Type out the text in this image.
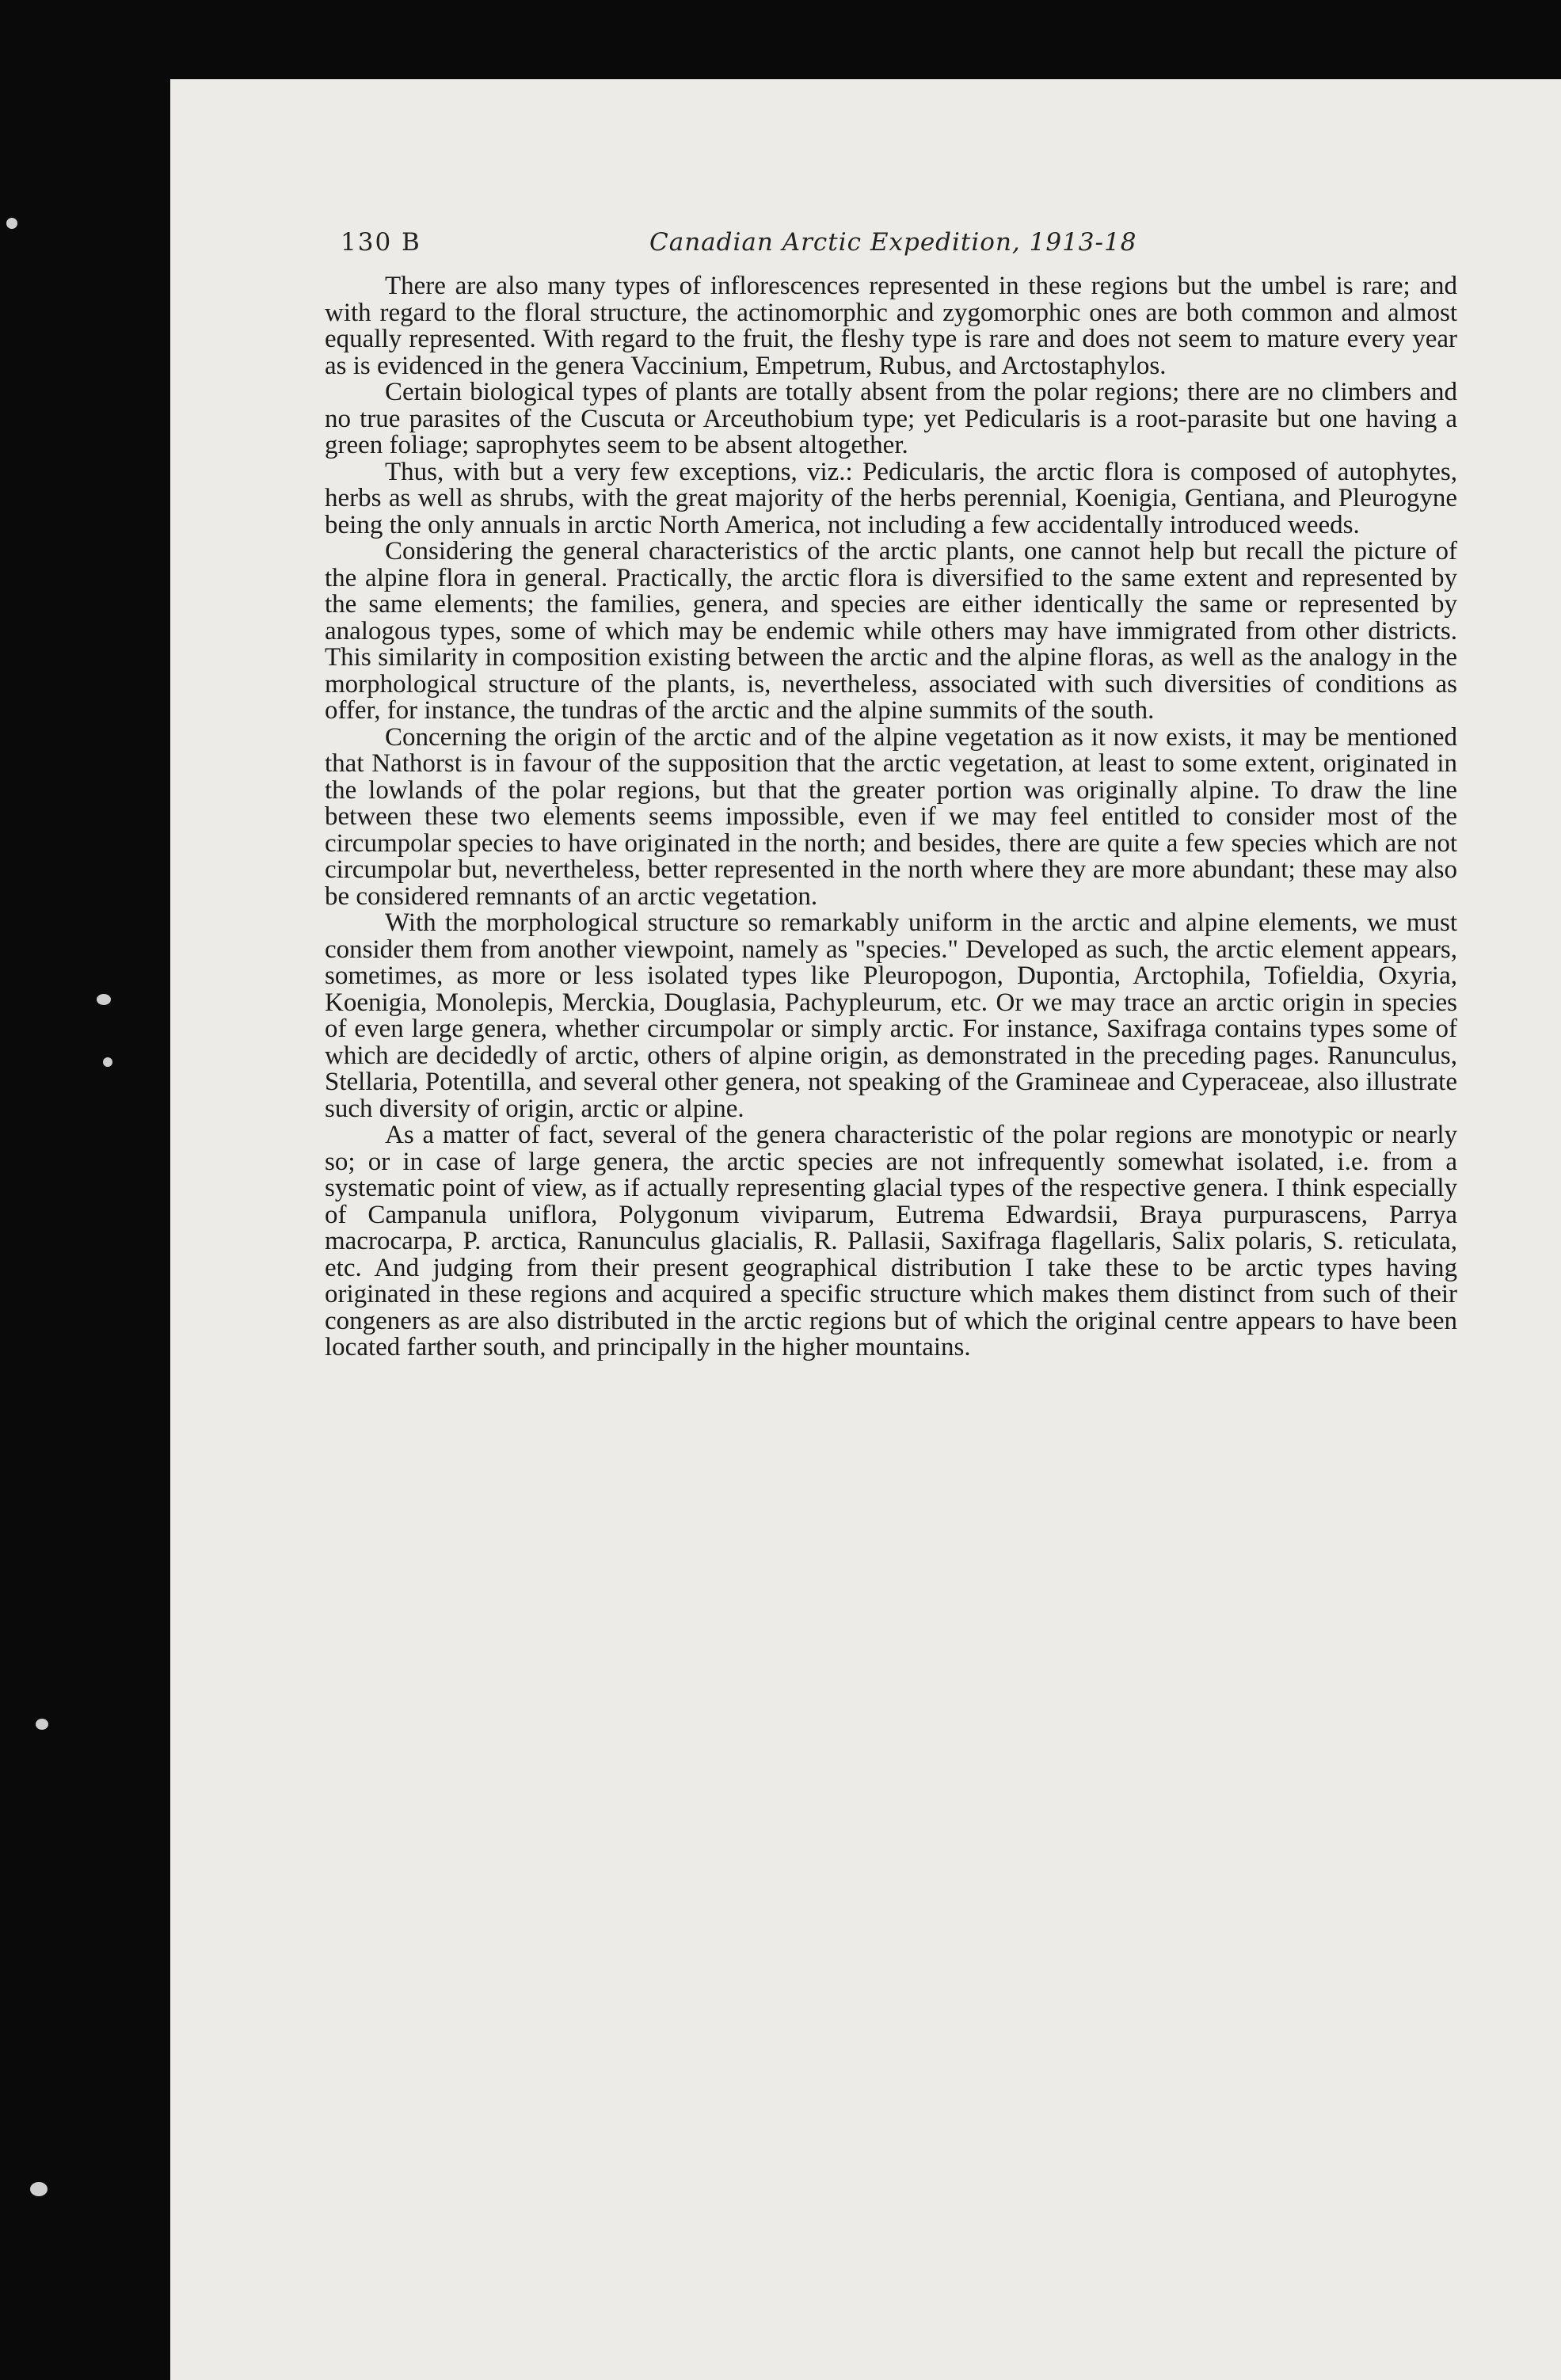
130 B	Canadian Arctic Expedition, 1913-18

There are also many types of inflorescences represented in these regions but the umbel is rare; and with regard to the floral structure, the actinomorphic and zygomorphic ones are both common and almost equally represented. With regard to the fruit, the fleshy type is rare and does not seem to mature every year as is evidenced in the genera Vaccinium, Empetrum, Rubus, and Arctostaphylos.

Certain biological types of plants are totally absent from the polar regions; there are no climbers and no true parasites of the Cuscuta or Arceuthobium type; yet Pedicularis is a root-parasite but one having a green foliage; saprophytes seem to be absent altogether.

Thus, with but a very few exceptions, viz.: Pedicularis, the arctic flora is composed of autophytes, herbs as well as shrubs, with the great majority of the herbs perennial, Koenigia, Gentiana, and Pleurogyne being the only annuals in arctic North America, not including a few accidentally introduced weeds.

Considering the general characteristics of the arctic plants, one cannot help but recall the picture of the alpine flora in general. Practically, the arctic flora is diversified to the same extent and represented by the same elements; the families, genera, and species are either identically the same or represented by analogous types, some of which may be endemic while others may have immigrated from other districts. This similarity in composition existing between the arctic and the alpine floras, as well as the analogy in the morphological structure of the plants, is, nevertheless, associated with such diversities of conditions as offer, for instance, the tundras of the arctic and the alpine summits of the south.

Concerning the origin of the arctic and of the alpine vegetation as it now exists, it may be mentioned that Nathorst is in favour of the supposition that the arctic vegetation, at least to some extent, originated in the lowlands of the polar regions, but that the greater portion was originally alpine. To draw the line between these two elements seems impossible, even if we may feel entitled to consider most of the circumpolar species to have originated in the north; and besides, there are quite a few species which are not circumpolar but, nevertheless, better represented in the north where they are more abundant; these may also be considered remnants of an arctic vegetation.

With the morphological structure so remarkably uniform in the arctic and alpine elements, we must consider them from another viewpoint, namely as "species." Developed as such, the arctic element appears, sometimes, as more or less isolated types like Pleuropogon, Dupontia, Arctophila, Tofieldia, Oxyria, Koenigia, Monolepis, Merckia, Douglasia, Pachypleurum, etc. Or we may trace an arctic origin in species of even large genera, whether circumpolar or simply arctic. For instance, Saxifraga contains types some of which are decidedly of arctic, others of alpine origin, as demonstrated in the preceding pages. Ranunculus, Stellaria, Potentilla, and several other genera, not speaking of the Gramineae and Cyperaceae, also illustrate such diversity of origin, arctic or alpine.

As a matter of fact, several of the genera characteristic of the polar regions are monotypic or nearly so; or in case of large genera, the arctic species are not infrequently somewhat isolated, i.e. from a systematic point of view, as if actually representing glacial types of the respective genera. I think especially of Campanula uniflora, Polygonum viviparum, Eutrema Edwardsii, Braya purpurascens, Parrya macrocarpa, P. arctica, Ranunculus glacialis, R. Pallasii, Saxifraga flagellaris, Salix polaris, S. reticulata, etc. And judging from their present geographical distribution I take these to be arctic types having originated in these regions and acquired a specific structure which makes them distinct from such of their congeners as are also distributed in the arctic regions but of which the original centre appears to have been located farther south, and principally in the higher mountains.
